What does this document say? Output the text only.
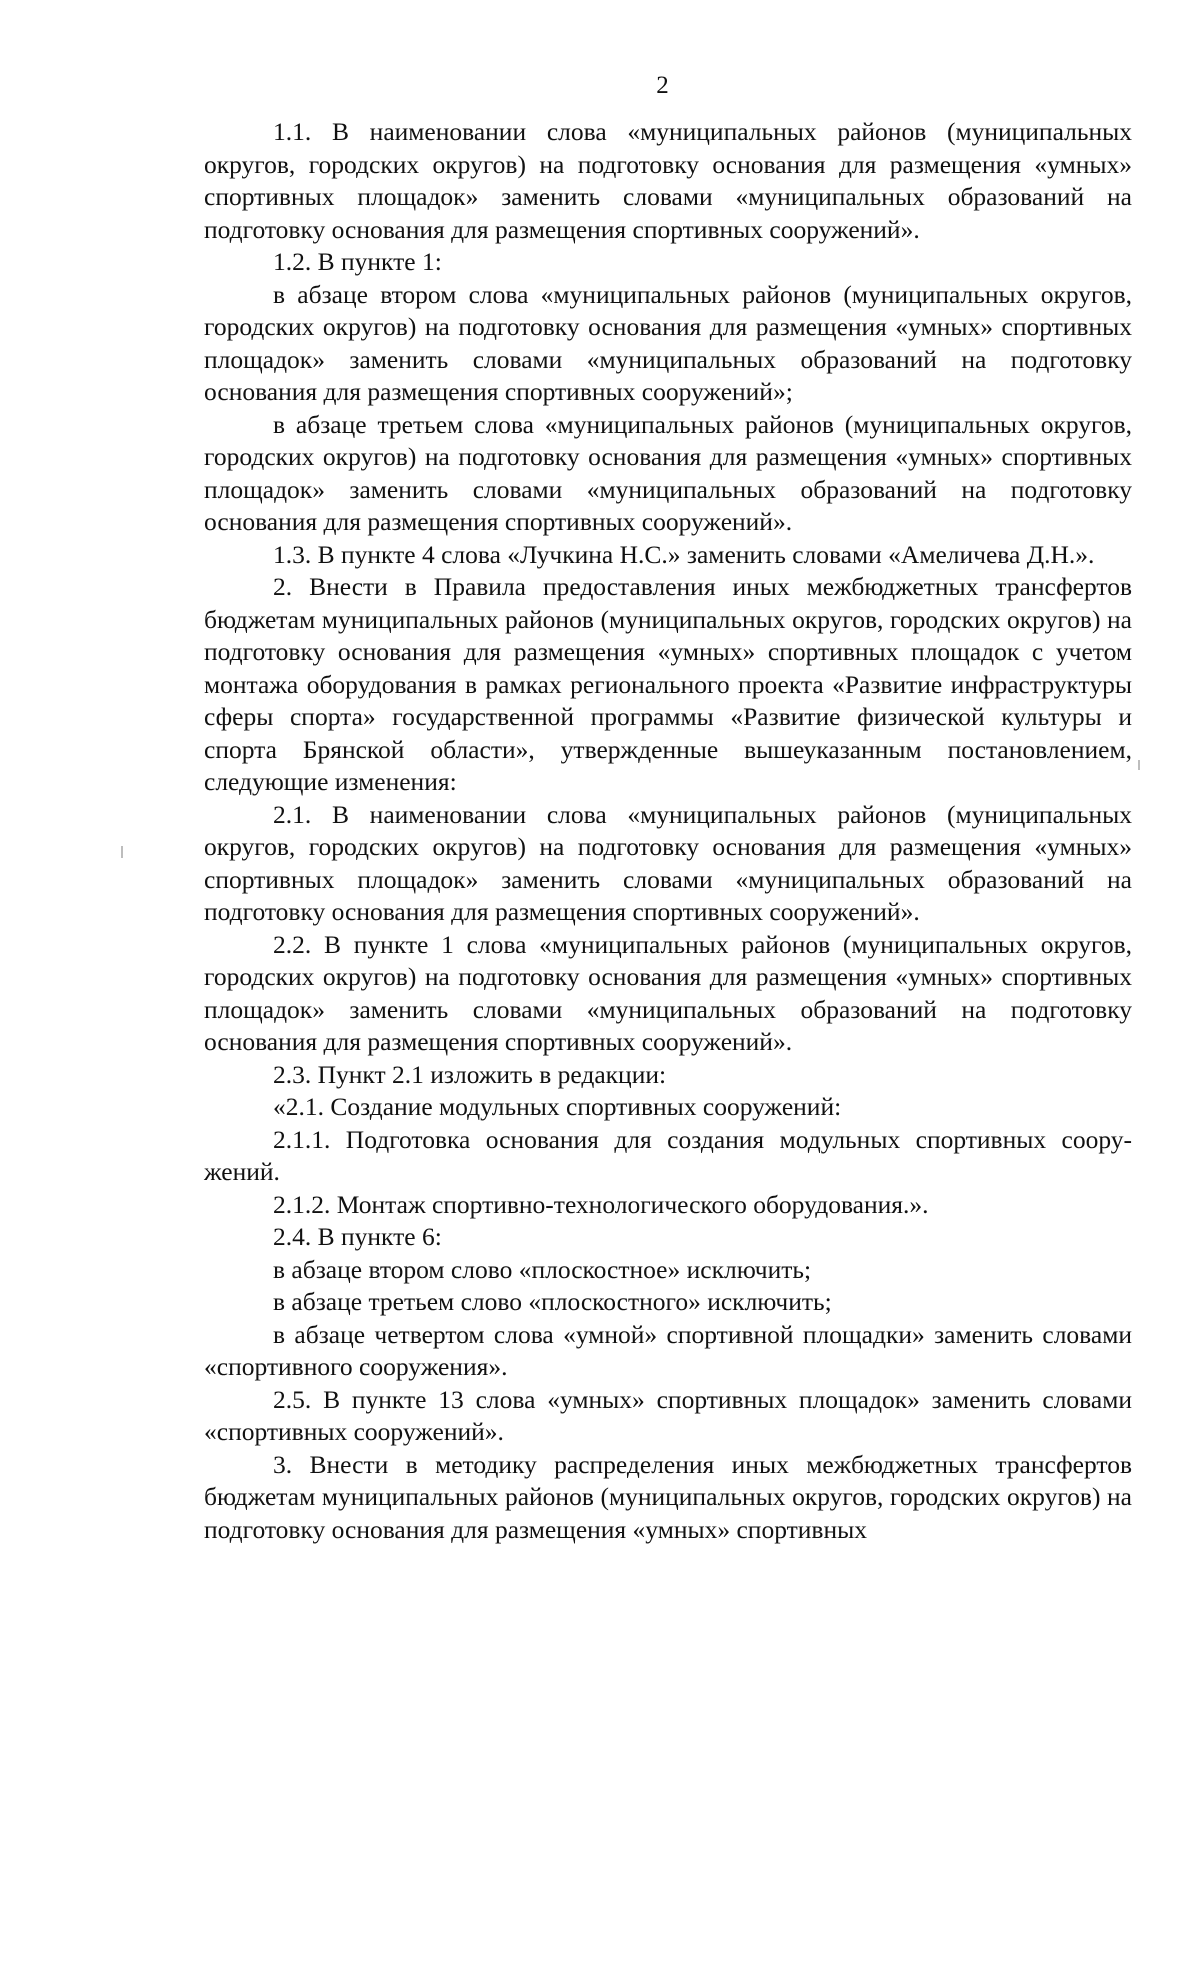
2

1.1. В наименовании слова «муниципальных районов (муниципальных округов, городских округов) на подготовку основания для размещения «умных» спортивных площадок» заменить словами «муниципальных образований на подготовку основания для размещения спортивных сооружений».

1.2. В пункте 1:

в абзаце втором слова «муниципальных районов (муниципальных округов, городских округов) на подготовку основания для размещения «умных» спортивных площадок» заменить словами «муниципальных образований на подготовку основания для размещения спортивных сооружений»;

в абзаце третьем слова «муниципальных районов (муниципальных округов, городских округов) на подготовку основания для размещения «умных» спортивных площадок» заменить словами «муниципальных образований на подготовку основания для размещения спортивных сооружений».

1.3. В пункте 4 слова «Лучкина Н.С.» заменить словами «Амеличева Д.Н.».

2. Внести в Правила предоставления иных межбюджетных трансфертов бюджетам муниципальных районов (муниципальных округов, городских округов) на подготовку основания для размещения «умных» спортивных площадок с учетом монтажа оборудования в рамках регионального проекта «Развитие инфраструктуры сферы спорта» государственной программы «Развитие физической культуры и спорта Брянской области», утвержденные вышеуказанным постановлением, следующие изменения:

2.1. В наименовании слова «муниципальных районов (муниципальных округов, городских округов) на подготовку основания для размещения «умных» спортивных площадок» заменить словами «муниципальных образований на подготовку основания для размещения спортивных сооружений».

2.2. В пункте 1 слова «муниципальных районов (муниципальных округов, городских округов) на подготовку основания для размещения «умных» спортивных площадок» заменить словами «муниципальных образований на подготовку основания для размещения спортивных сооружений».

2.3. Пункт 2.1 изложить в редакции:

«2.1. Создание модульных спортивных сооружений:

2.1.1. Подготовка основания для создания модульных спортивных соору-жений.

2.1.2. Монтаж спортивно-технологического оборудования.».

2.4. В пункте 6:

в абзаце втором слово «плоскостное» исключить;

в абзаце третьем слово «плоскостного» исключить;

в абзаце четвертом слова «умной» спортивной площадки» заменить словами «спортивного сооружения».

2.5. В пункте 13 слова «умных» спортивных площадок» заменить словами «спортивных сооружений».

3. Внести в методику распределения иных межбюджетных трансфертов бюджетам муниципальных районов (муниципальных округов, городских округов) на подготовку основания для размещения «умных» спортивных
